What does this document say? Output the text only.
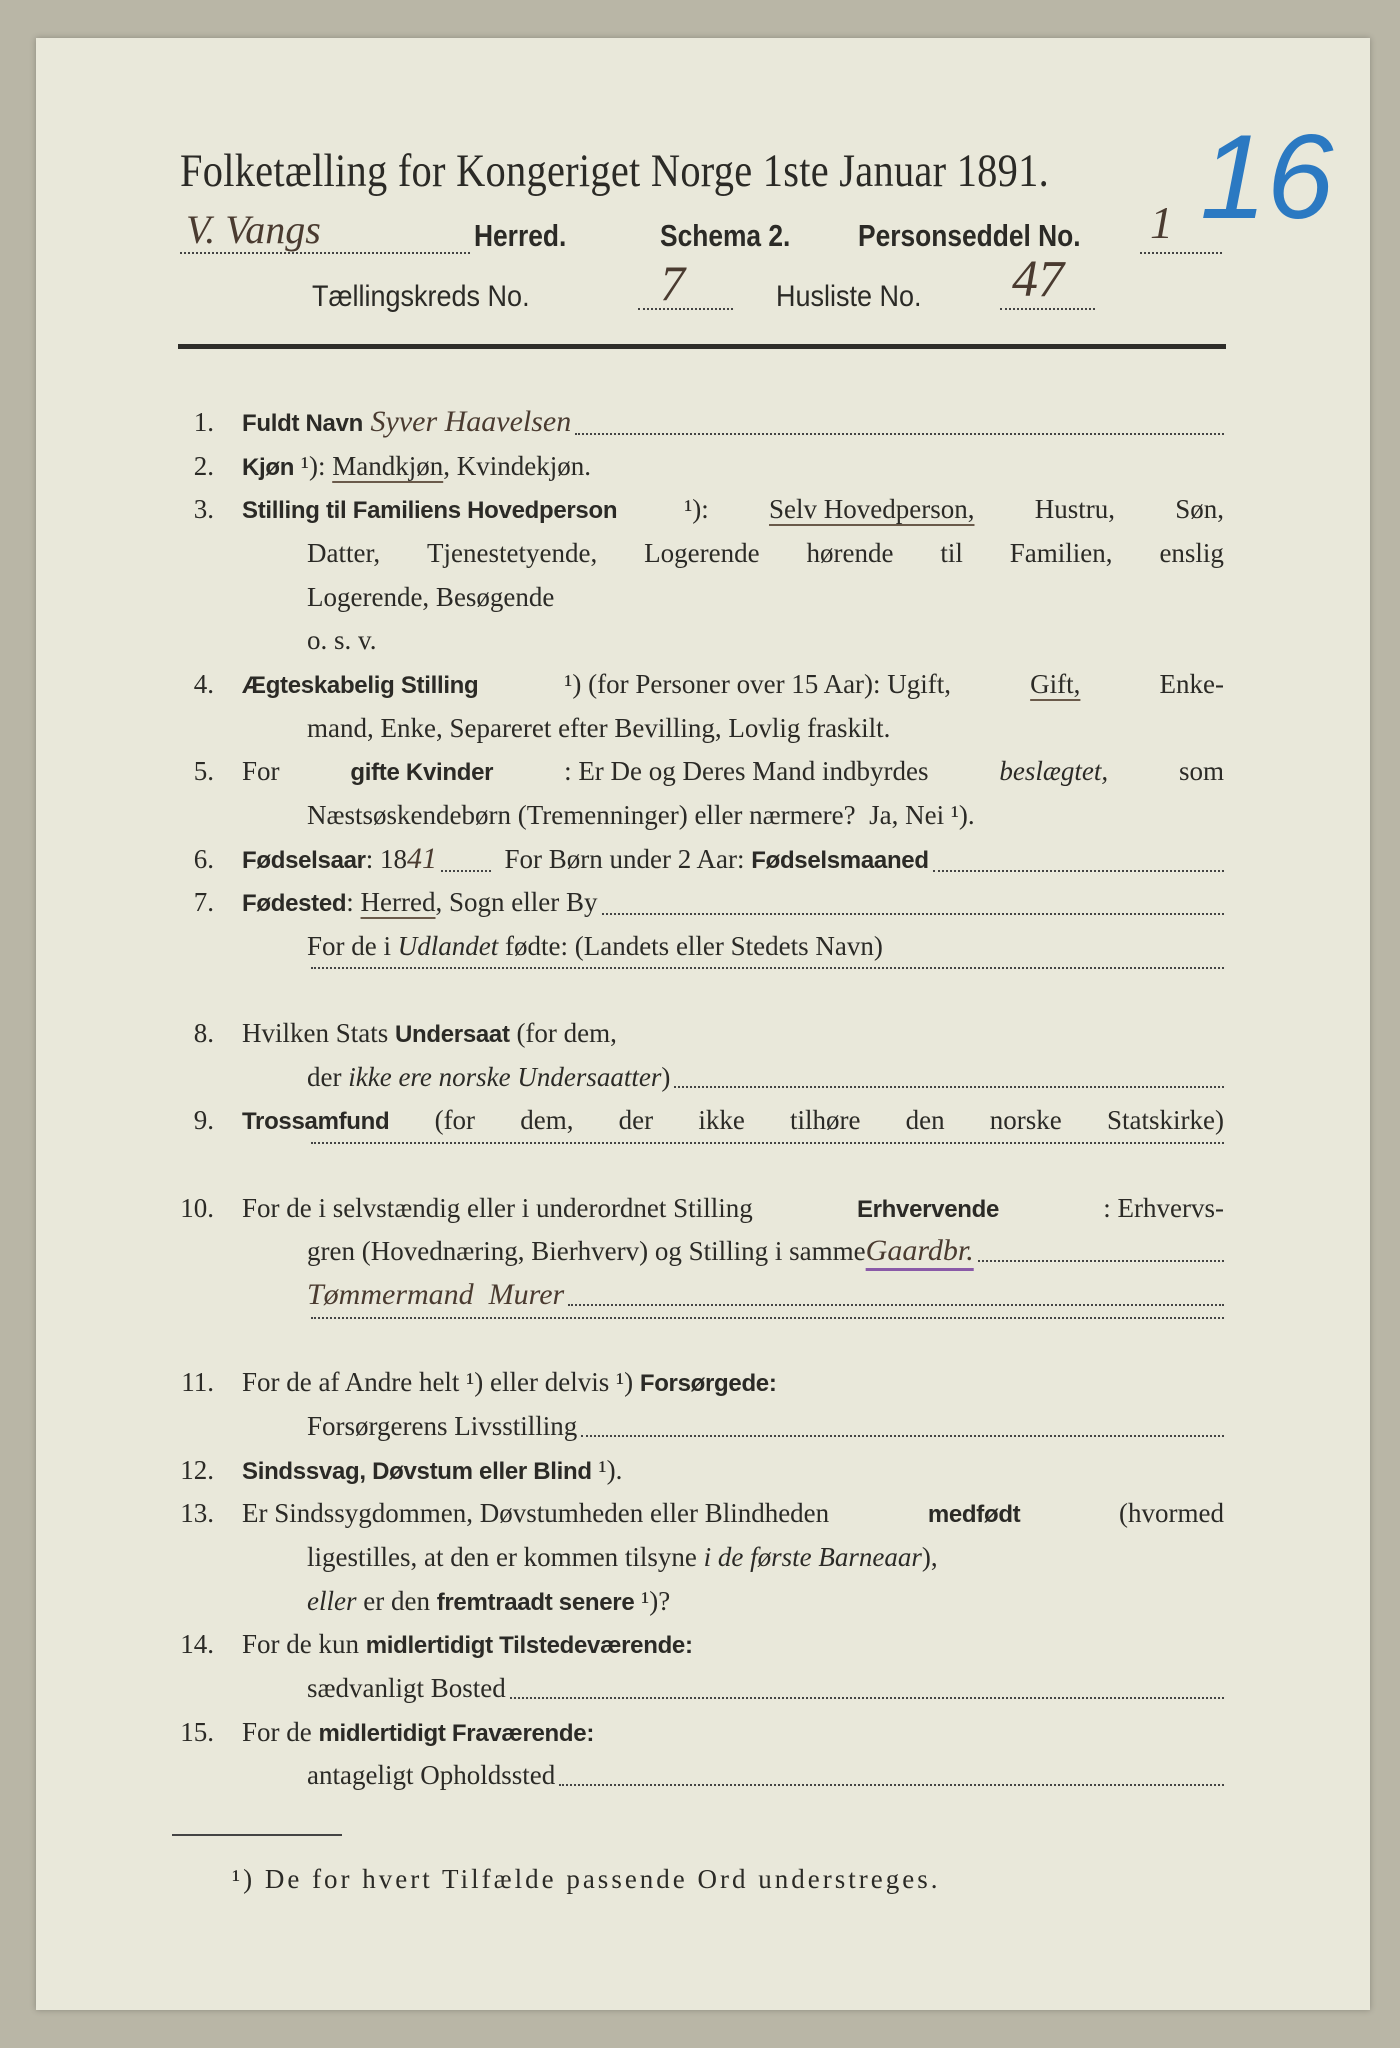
Folketælling for Kongeriget Norge 1ste Januar 1891.
V. Vangs	Herred.	Schema 2. Personseddel No. 1 16
Tællingskreds No.	7	Husliste No. 47
1. Fuldt Navn Syver Haavelsen
2. Kjøn ¹): Mandkjøn , Kvindekjøn.
3. Stilling til Familiens Hovedperson ¹): Selv Hovedperson, Hustru, Søn,
Datter, Tjenestetyende, Logerende hørende til Familien, enslig
Logerende, Besøgende
o. s. v.
4. Ægteskabelig Stilling	¹) (for Personer over 15 Aar): Ugift,	Gift,	Enke-
mand, Enke, Separeret efter Bevilling, Lovlig fraskilt.
5. For	gifte Kvinder	: Er De og Deres Mand indbyrdes	beslægtet,	som
Næstsøskendebørn (Tremenninger) eller nærmere?  Ja, Nei ¹).
6. Fødselsaar : 18 41 For Børn under 2 Aar: Fødselsmaaned
7. Fødested : Herred , Sogn eller By
For de i Udlandet fødte: (Landets eller Stedets Navn)
8. Hvilken Stats Undersaat (for dem,
der ikke ere norske Undersaatter )
9. Trossamfund (for dem, der ikke tilhøre den norske Statskirke)
10. For de i selvstændig eller i underordnet Stilling	Erhvervende	: Erhvervs-
gren (Hovednæring, Bierhverv) og Stilling i samme Gaardbr.
Tømmermand  Murer
11. For de af Andre helt ¹) eller delvis ¹) Forsørgede:
Forsørgerens Livsstilling
12. Sindssvag, Døvstum eller Blind ¹).
13. Er Sindssygdommen, Døvstumheden eller Blindheden	medfødt	(hvormed
ligestilles, at den er kommen tilsyne i de første Barneaar ),
eller er den fremtraadt senere ¹)?
14. For de kun midlertidigt Tilstedeværende:
sædvanligt Bosted
15. For de midlertidigt Fraværende:
antageligt Opholdssted
¹) De for hvert Tilfælde passende Ord understreges.
